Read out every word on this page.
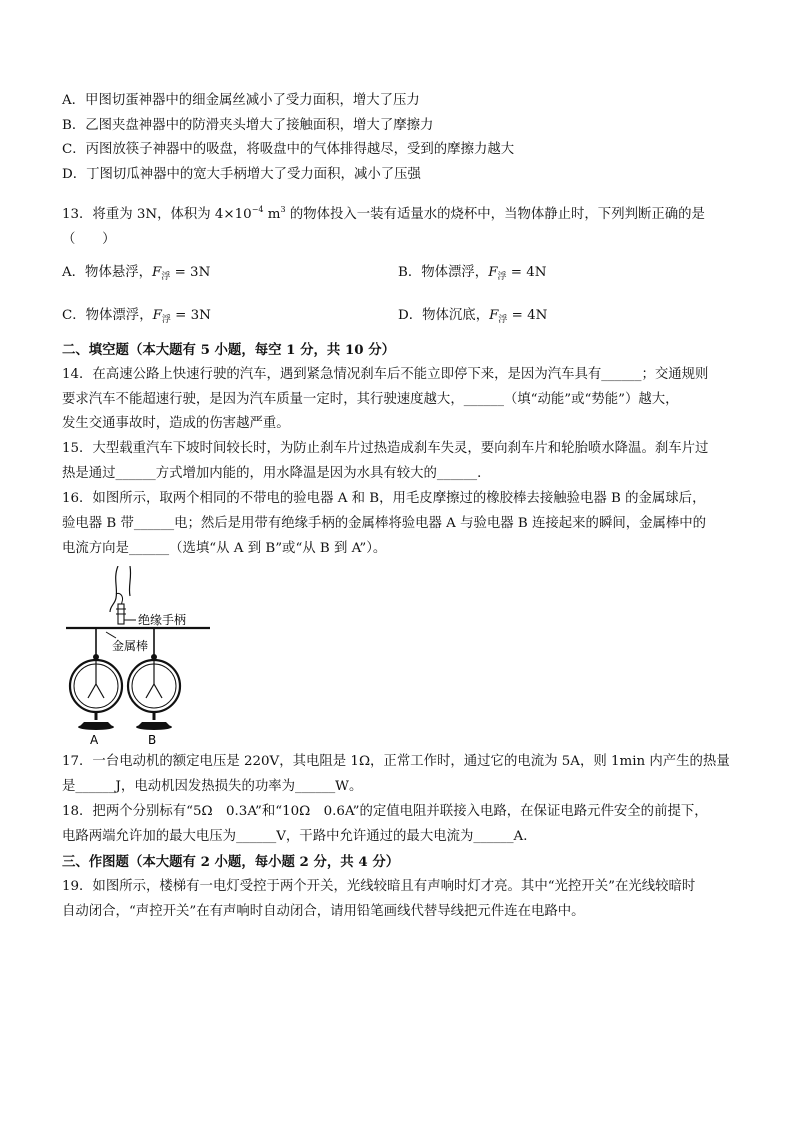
A．甲图切蛋神器中的细金属丝减小了受力面积，增大了压力
B．乙图夹盘神器中的防滑夹头增大了接触面积，增大了摩擦力
C．丙图放筷子神器中的吸盘，将吸盘中的气体排得越尽，受到的摩擦力越大
D．丁图切瓜神器中的宽大手柄增大了受力面积，减小了压强
13．将重为 3N，体积为 $4\times 10^{-4}$ $m^3$ 的物体投入一装有适量水的烧杯中，当物体静止时，下列判断正确的是
（　　）
A．物体悬浮，$F_浮 = 3N$	B．物体漂浮，$F_浮 = 4N$
C．物体漂浮，$F_浮 = 3N$	D．物体沉底，$F_浮 = 4N$
二、填空题（本大题有 5 小题，每空 1 分，共 10 分）
14．在高速公路上快速行驶的汽车，遇到紧急情况刹车后不能立即停下来，是因为汽车具有______；交通规则
要求汽车不能超速行驶，是因为汽车质量一定时，其行驶速度越大，______（填“动能”或“势能”）越大，
发生交通事故时，造成的伤害越严重。
15．大型载重汽车下坡时间较长时，为防止刹车片过热造成刹车失灵，要向刹车片和轮胎喷水降温。刹车片过
热是通过______方式增加内能的，用水降温是因为水具有较大的______．
16．如图所示，取两个相同的不带电的验电器 A 和 B，用毛皮摩擦过的橡胶棒去接触验电器 B 的金属球后，
验电器 B 带______电；然后是用带有绝缘手柄的金属棒将验电器 A 与验电器 B 连接起来的瞬间，金属棒中的
电流方向是______（选填“从 A 到 B”或“从 B 到 A”）。
绝缘手柄
金属棒
A	B
17．一台电动机的额定电压是 220V，其电阻是 1Ω，正常工作时，通过它的电流为 5A，则 1min 内产生的热量
是______J，电动机因发热损失的功率为______W。
18．把两个分别标有“5Ω　0.3A”和“10Ω　0.6A”的定值电阻并联接入电路，在保证电路元件安全的前提下，
电路两端允许加的最大电压为______V，干路中允许通过的最大电流为______A．
三、作图题（本大题有 2 小题，每小题 2 分，共 4 分）
19．如图所示，楼梯有一电灯受控于两个开关，光线较暗且有声响时灯才亮。其中“光控开关”在光线较暗时
自动闭合，“声控开关”在有声响时自动闭合，请用铅笔画线代替导线把元件连在电路中。
